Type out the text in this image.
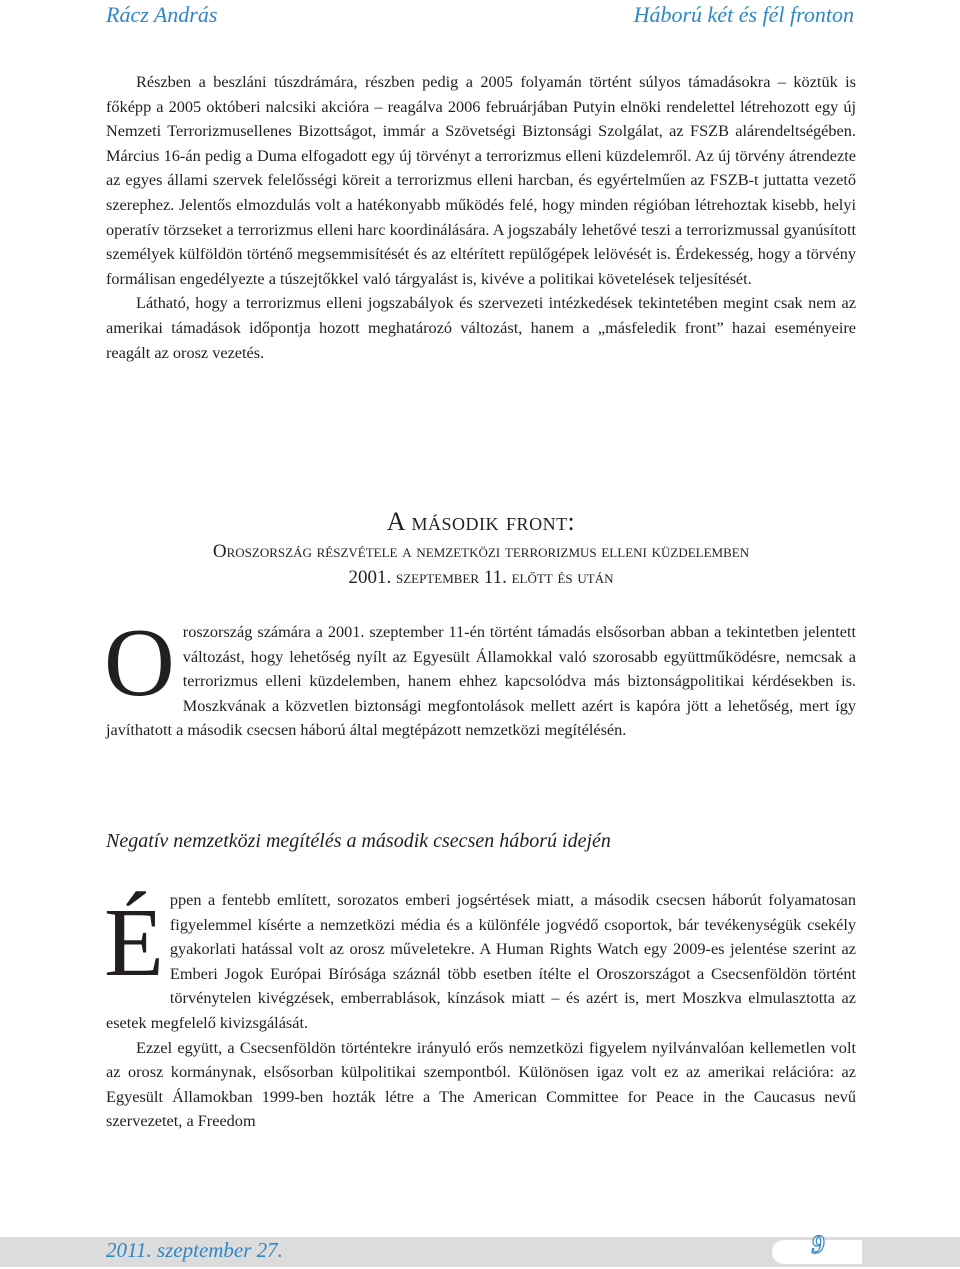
Rácz András	Háború két és fél fronton

Részben a beszláni túszdrámára, részben pedig a 2005 folyamán történt súlyos támadásokra – köztük is főképp a 2005 októberi nalcsiki akcióra – reagálva 2006 februárjában Putyin elnöki rendelettel létrehozott egy új Nemzeti Terrorizmusellenes Bizottságot, immár a Szövetségi Biztonsági Szolgálat, az FSZB alárendeltségében. Március 16-án pedig a Duma elfogadott egy új törvényt a terrorizmus elleni küzdelemről. Az új törvény átrendezte az egyes állami szervek felelősségi köreit a terrorizmus elleni harcban, és egyértelműen az FSZB-t juttatta vezető szerephez. Jelentős elmozdulás volt a hatékonyabb működés felé, hogy minden régióban létrehoztak kisebb, helyi operatív törzseket a terrorizmus elleni harc koordinálására. A jogszabály lehetővé teszi a terrorizmussal gyanúsított személyek külföldön történő megsemmisítését és az eltérített repülőgépek lelövését is. Érdekesség, hogy a törvény formálisan engedélyezte a túszejtőkkel való tárgyalást is, kivéve a politikai követelések teljesítését.

Látható, hogy a terrorizmus elleni jogszabályok és szervezeti intézkedések tekintetében megint csak nem az amerikai támadások időpontja hozott meghatározó változást, hanem a „másfeledik front” hazai eseményeire reagált az orosz vezetés.

A második front:
Oroszország részvétele a nemzetközi terrorizmus elleni küzdelemben
2001. szeptember 11. előtt és után

Oroszország számára a 2001. szeptember 11-én történt támadás elsősorban abban a tekintetben jelentett változást, hogy lehetőség nyílt az Egyesült Államokkal való szorosabb együttműködésre, nemcsak a terrorizmus elleni küzdelemben, hanem ehhez kapcsolódva más biztonságpolitikai kérdésekben is. Moszkvának a közvetlen biztonsági megfontolások mellett azért is kapóra jött a lehetőség, mert így javíthatott a második csecsen háború által megtépázott nemzetközi megítélésén.

Negatív nemzetközi megítélés a második csecsen háború idején

Éppen a fentebb említett, sorozatos emberi jogsértések miatt, a második csecsen háborút folyamatosan figyelemmel kísérte a nemzetközi média és a különféle jogvédő csoportok, bár tevékenységük csekély gyakorlati hatással volt az orosz műveletekre. A Human Rights Watch egy 2009-es jelentése szerint az Emberi Jogok Európai Bírósága száznál több esetben ítélte el Oroszországot a Csecsenföldön történt törvénytelen kivégzések, emberrablások, kínzások miatt – és azért is, mert Moszkva elmulasztotta az esetek megfelelő kivizsgálását.

Ezzel együtt, a Csecsenföldön történtekre irányuló erős nemzetközi figyelem nyilvánvalóan kellemetlen volt az orosz kormánynak, elsősorban külpolitikai szempontból. Különösen igaz volt ez az amerikai relációra: az Egyesült Államokban 1999-ben hozták létre a The American Committee for Peace in the Caucasus nevű szervezetet, a Freedom

2011. szeptember 27.	9
